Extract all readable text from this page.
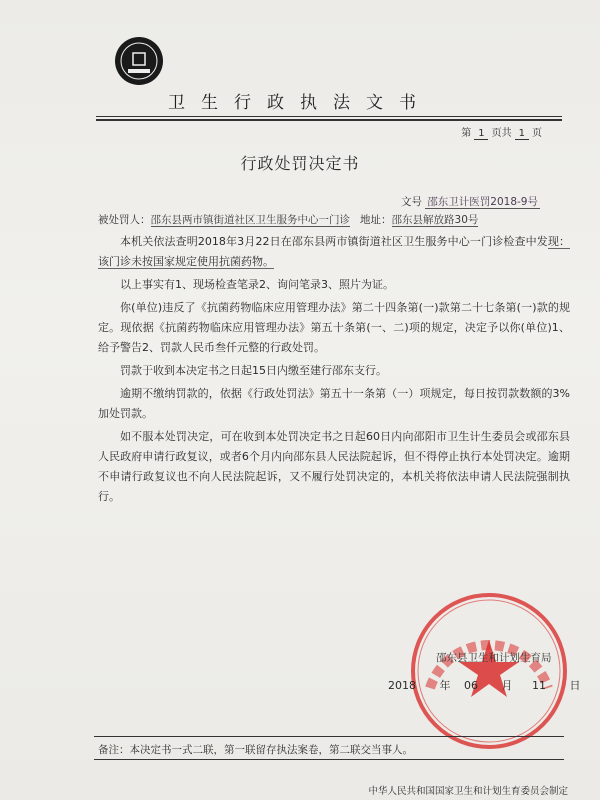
卫生行政执法文书
第 1 页共 1 页
行政处罚决定书
文号 邵东卫计医罚2018-9号
被处罚人：邵东县两市镇街道社区卫生服务中心一门诊 地址：邵东县解放路30号

本机关依法查明2018年3月22日在邵东县两市镇街道社区卫生服务中心一门诊检查中发现：该门诊未按国家规定使用抗菌药物。

以上事实有1、现场检查笔录2、询问笔录3、照片为证。

你(单位)违反了《抗菌药物临床应用管理办法》第二十四条第(一)款第二十七条第(一)款的规定。现依据《抗菌药物临床应用管理办法》第五十条第(一、二)项的规定，决定予以你(单位)1、给予警告2、罚款人民币叁仟元整的行政处罚。

罚款于收到本决定书之日起15日内缴至建行邵东支行。

逾期不缴纳罚款的，依据《行政处罚法》第五十一条第（一）项规定，每日按罚款数额的3%加处罚款。

如不服本处罚决定，可在收到本处罚决定书之日起60日内向邵阳市卫生计生委员会或邵东县人民政府申请行政复议，或者6个月内向邵东县人民法院起诉，但不得停止执行本处罚决定。逾期不申请行政复议也不向人民法院起诉，又不履行处罚决定的，本机关将依法申请人民法院强制执行。

邵东县卫生和计划生育局
2018 年 06 月 11 日
备注：本决定书一式二联，第一联留存执法案卷，第二联交当事人。
中华人民共和国国家卫生和计划生育委员会制定
